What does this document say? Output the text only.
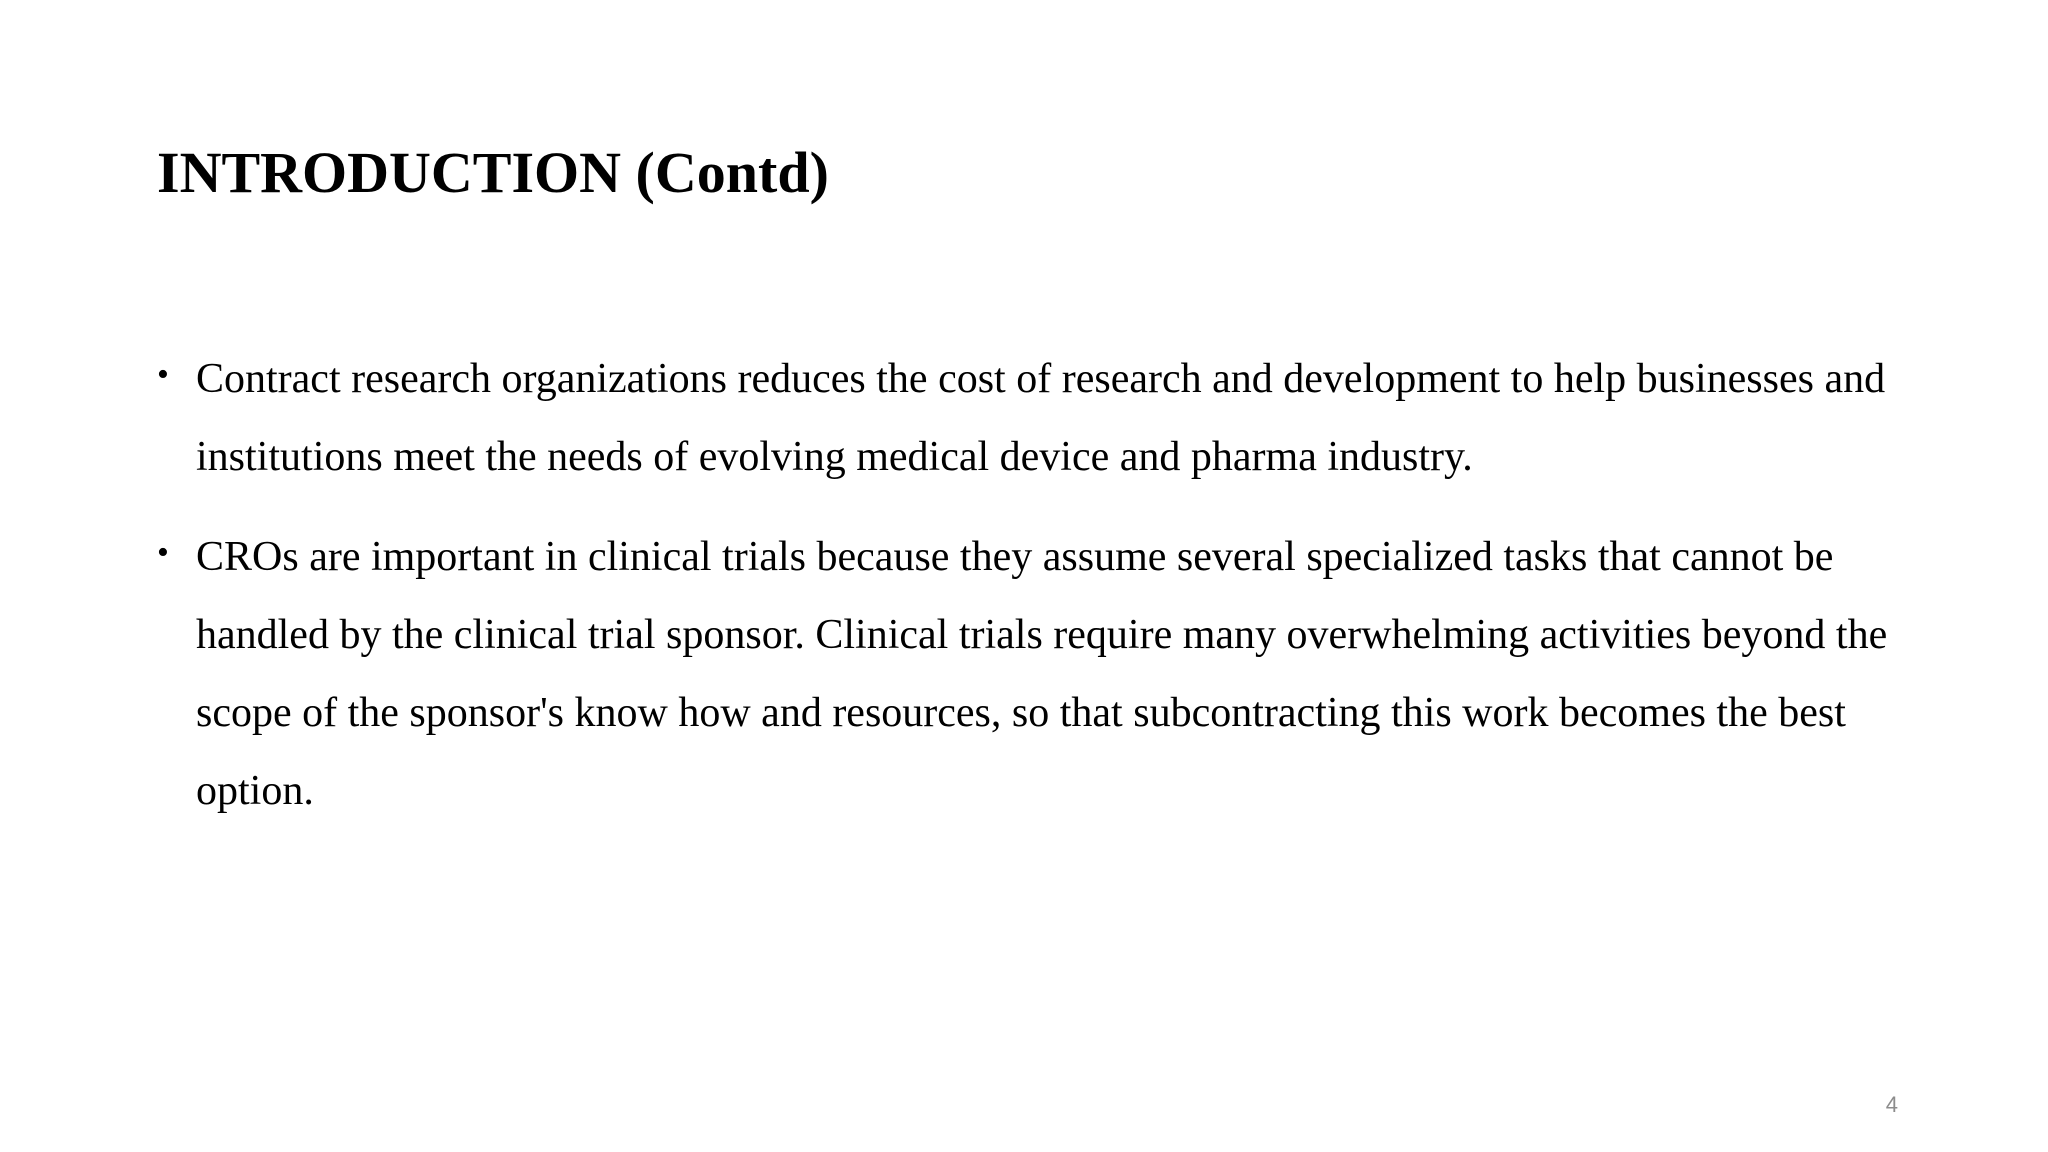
INTRODUCTION (Contd)
• Contract research organizations reduces the cost of research and development to help businesses and institutions meet the needs of evolving medical device and pharma industry.
• CROs are important in clinical trials because they assume several specialized tasks that cannot be handled by the clinical trial sponsor. Clinical trials require many overwhelming activities beyond the scope of the sponsor's know how and resources, so that subcontracting this work becomes the best option.
4
